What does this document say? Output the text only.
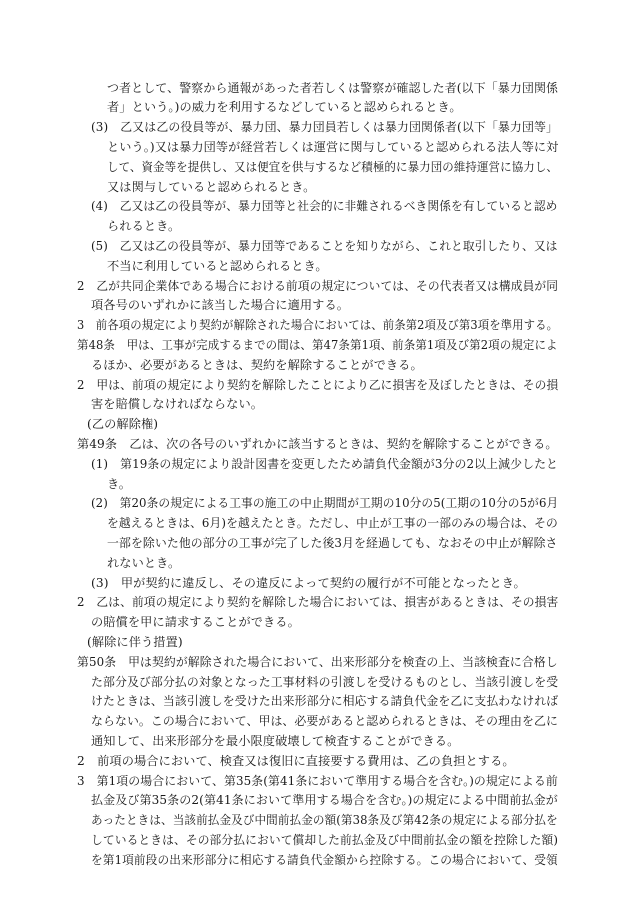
つ者として、警察から通報があった者若しくは警察が確認した者(以下「暴力団関係
者」という。)の威力を利用するなどしていると認められるとき。
(3)　乙又は乙の役員等が、暴力団、暴力団員若しくは暴力団関係者(以下「暴力団等」
という。)又は暴力団等が経営若しくは運営に関与していると認められる法人等に対
して、資金等を提供し、又は便宜を供与するなど積極的に暴力団の維持運営に協力し、
又は関与していると認められるとき。
(4)　乙又は乙の役員等が、暴力団等と社会的に非難されるべき関係を有していると認め
られるとき。
(5)　乙又は乙の役員等が、暴力団等であることを知りながら、これと取引したり、又は
不当に利用していると認められるとき。
2　乙が共同企業体である場合における前項の規定については、その代表者又は構成員が同
項各号のいずれかに該当した場合に適用する。
3　前各項の規定により契約が解除された場合においては、前条第2項及び第3項を準用する。
第48条　甲は、工事が完成するまでの間は、第47条第1項、前条第1項及び第2項の規定によ
るほか、必要があるときは、契約を解除することができる。
2　甲は、前項の規定により契約を解除したことにより乙に損害を及ぼしたときは、その損
害を賠償しなければならない。
(乙の解除権)
第49条　乙は、次の各号のいずれかに該当するときは、契約を解除することができる。
(1)　第19条の規定により設計図書を変更したため請負代金額が3分の2以上減少したと
き。
(2)　第20条の規定による工事の施工の中止期間が工期の10分の5(工期の10分の5が6月
を越えるときは、6月)を越えたとき。ただし、中止が工事の一部のみの場合は、その
一部を除いた他の部分の工事が完了した後3月を経過しても、なおその中止が解除さ
れないとき。
(3)　甲が契約に違反し、その違反によって契約の履行が不可能となったとき。
2　乙は、前項の規定により契約を解除した場合においては、損害があるときは、その損害
の賠償を甲に請求することができる。
(解除に伴う措置)
第50条　甲は契約が解除された場合において、出来形部分を検査の上、当該検査に合格し
た部分及び部分払の対象となった工事材料の引渡しを受けるものとし、当該引渡しを受
けたときは、当該引渡しを受けた出来形部分に相応する請負代金を乙に支払わなければ
ならない。この場合において、甲は、必要があると認められるときは、その理由を乙に
通知して、出来形部分を最小限度破壊して検査することができる。
2　前項の場合において、検査又は復旧に直接要する費用は、乙の負担とする。
3　第1項の場合において、第35条(第41条において準用する場合を含む。)の規定による前
払金及び第35条の2(第41条において準用する場合を含む。)の規定による中間前払金が
あったときは、当該前払金及び中間前払金の額(第38条及び第42条の規定による部分払を
しているときは、その部分払において償却した前払金及び中間前払金の額を控除した額)
を第1項前段の出来形部分に相応する請負代金額から控除する。この場合において、受領
